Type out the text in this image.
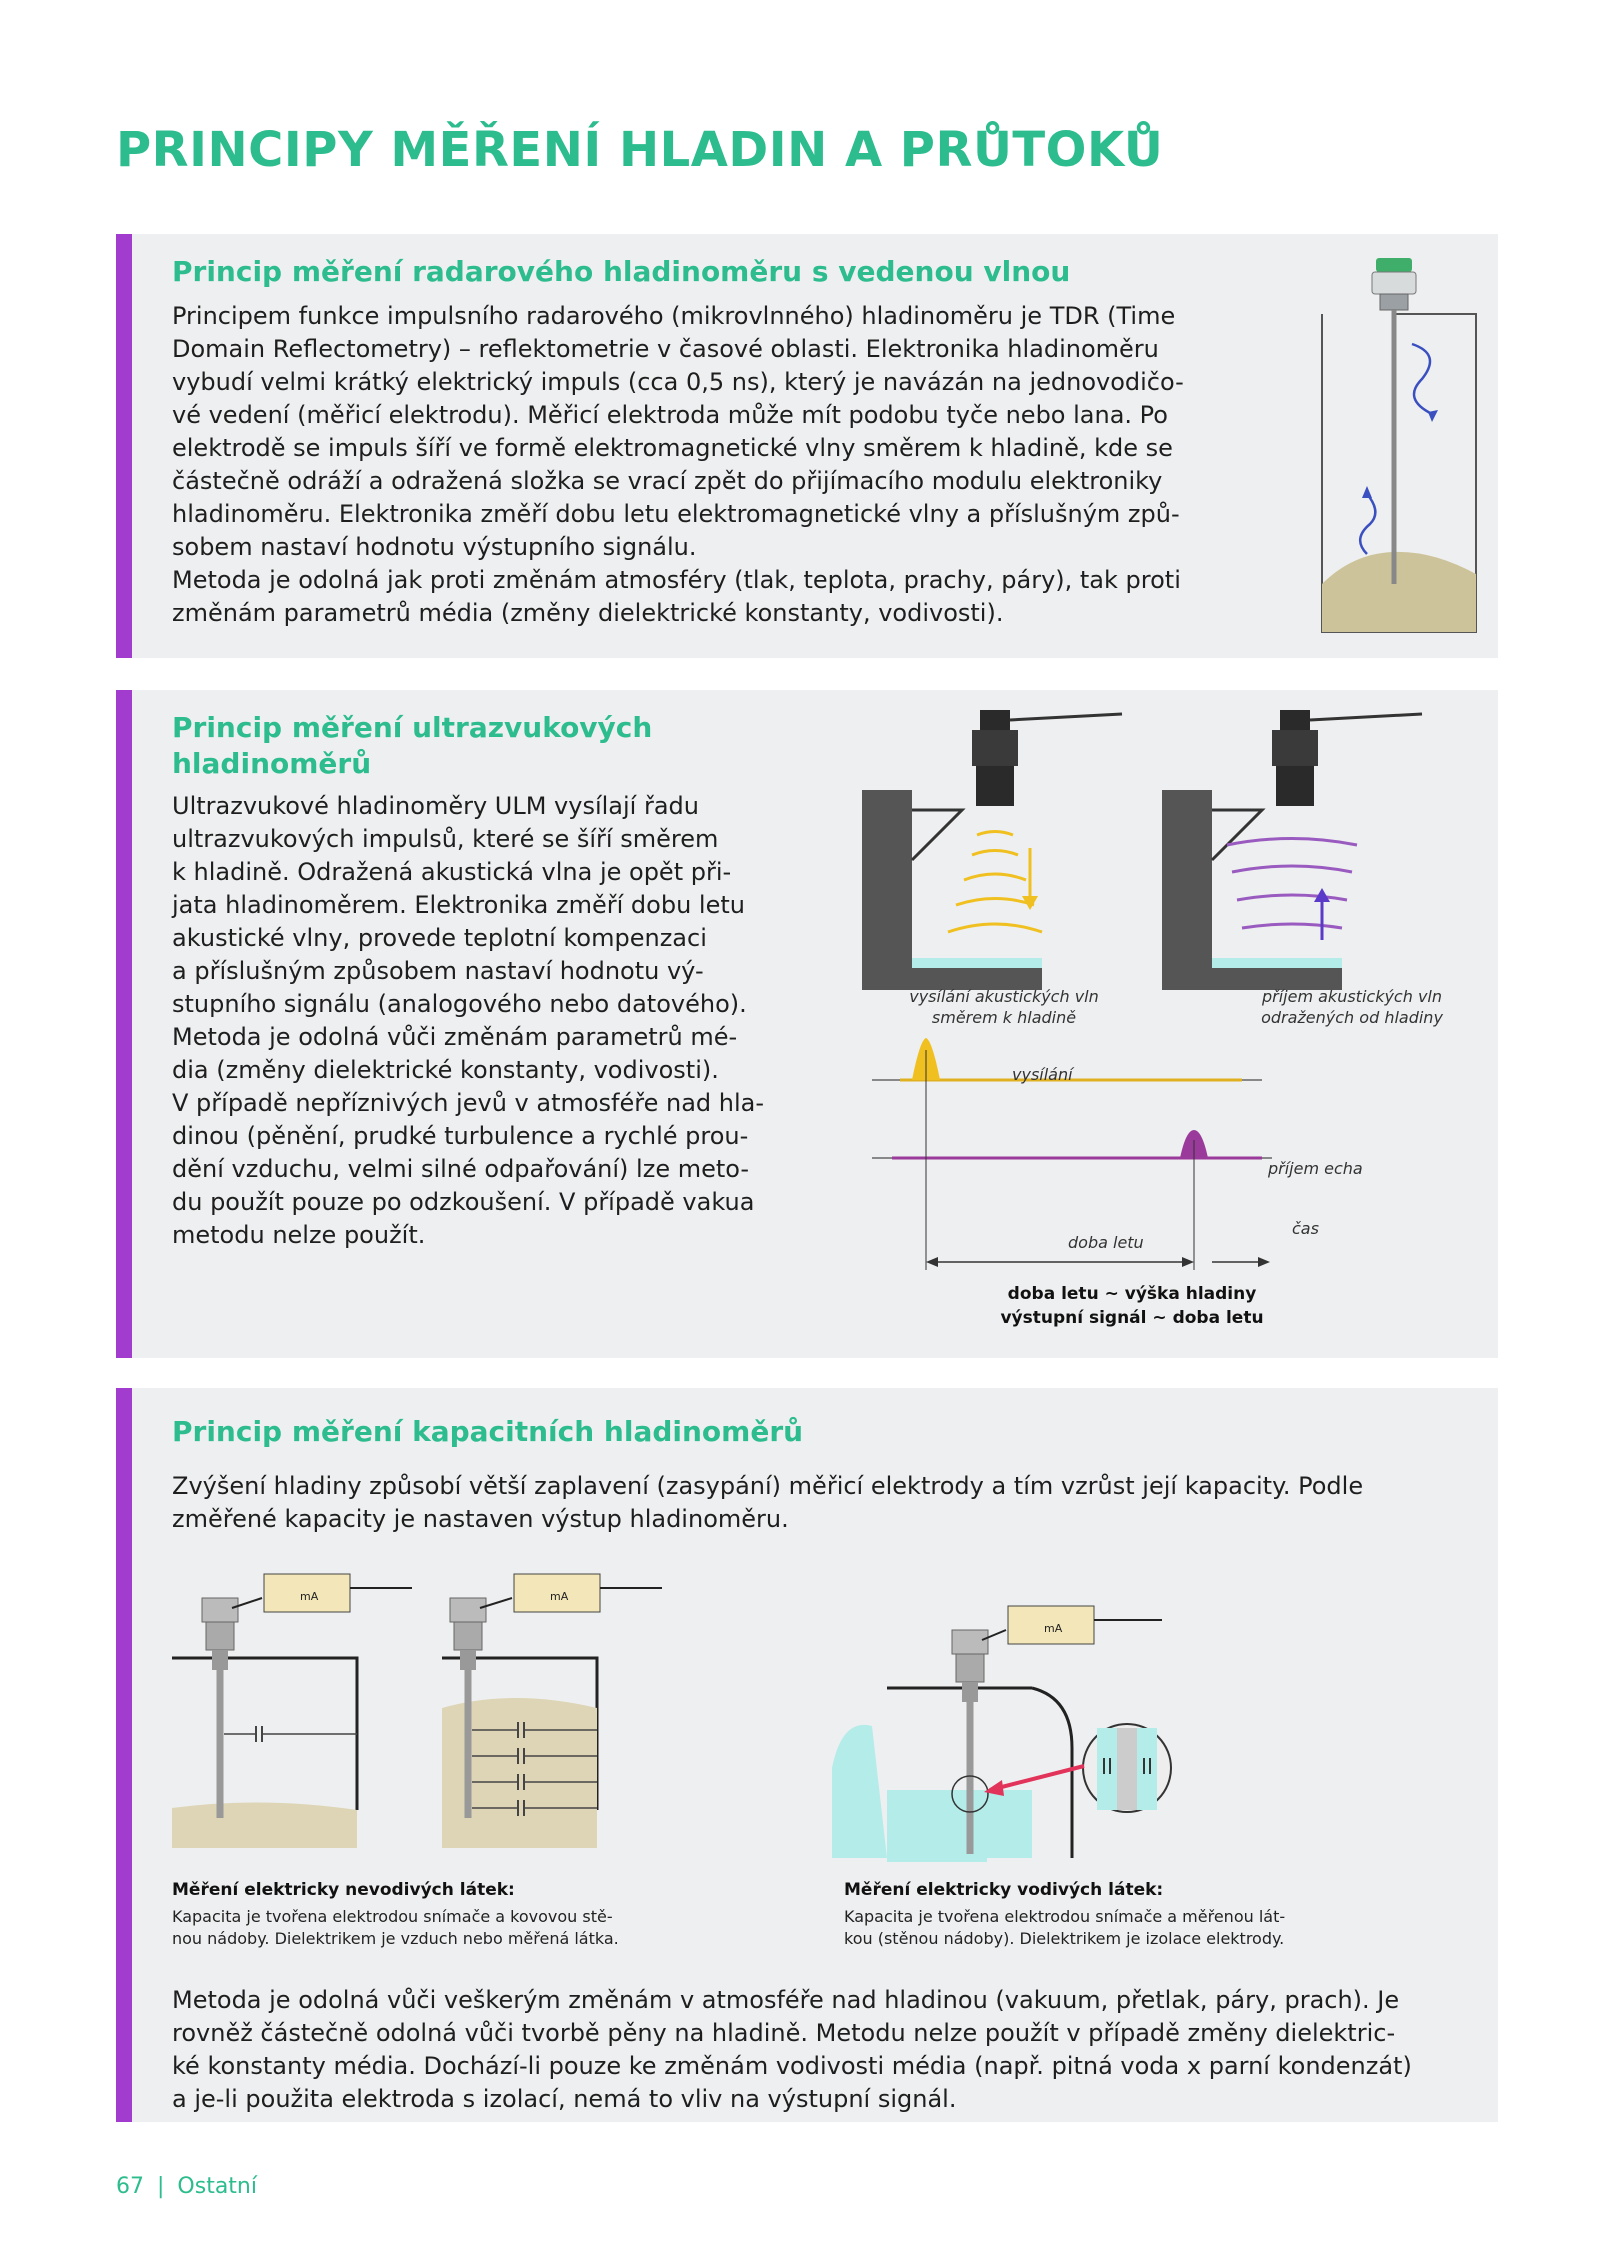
PRINCIPY MĚŘENÍ HLADIN A PRŮTOKŮ
Princip měření radarového hladinoměru s vedenou vlnou
Principem funkce impulsního radarového (mikrovlnného) hladinoměru je TDR (Time
Domain Reflectometry) – reflektometrie v časové oblasti. Elektronika hladinoměru
vybudí velmi krátký elektrický impuls (cca 0,5 ns), který je navázán na jednovodičo-
vé vedení (měřicí elektrodu). Měřicí elektroda může mít podobu tyče nebo lana. Po
elektrodě se impuls šíří ve formě elektromagnetické vlny směrem k hladině, kde se
částečně odráží a odražená složka se vrací zpět do přijímacího modulu elektroniky
hladinoměru. Elektronika změří dobu letu elektromagnetické vlny a příslušným způ-
sobem nastaví hodnotu výstupního signálu.
Metoda je odolná jak proti změnám atmosféry (tlak, teplota, prachy, páry), tak proti
změnám parametrů média (změny dielektrické konstanty, vodivosti).
Princip měření ultrazvukových
hladinoměrů
Ultrazvukové hladinoměry ULM vysílají řadu
ultrazvukových impulsů, které se šíří směrem
k hladině. Odražená akustická vlna je opět při-
jata hladinoměrem. Elektronika změří dobu letu
akustické vlny, provede teplotní kompenzaci
a příslušným způsobem nastaví hodnotu vý-
stupního signálu (analogového nebo datového).
Metoda je odolná vůči změnám parametrů mé-
dia (změny dielektrické konstanty, vodivosti).
V případě nepříznivých jevů v atmosféře nad hla-
dinou (pěnění, prudké turbulence a rychlé prou-
dění vzduchu, velmi silné odpařování) lze meto-
du použít pouze po odzkoušení. V případě vakua
metodu nelze použít.
vysílání akustických vln
směrem k hladině
příjem akustických vln
odražených od hladiny
vysílání
příjem echa
čas
doba letu
doba letu ~ výška hladiny
výstupní signál ~ doba letu
Princip měření kapacitních hladinoměrů
Zvýšení hladiny způsobí větší zaplavení (zasypání) měřicí elektrody a tím vzrůst její kapacity. Podle
změřené kapacity je nastaven výstup hladinoměru.
mA	mA
mA
Měření elektricky nevodivých látek:
Kapacita je tvořena elektrodou snímače a kovovou stě-
nou nádoby. Dielektrikem je vzduch nebo měřená látka.
Měření elektricky vodivých látek:
Kapacita je tvořena elektrodou snímače a měřenou lát-
kou (stěnou nádoby). Dielektrikem je izolace elektrody.
Metoda je odolná vůči veškerým změnám v atmosféře nad hladinou (vakuum, přetlak, páry, prach). Je
rovněž částečně odolná vůči tvorbě pěny na hladině. Metodu nelze použít v případě změny dielektric-
ké konstanty média. Dochází-li pouze ke změnám vodivosti média (např. pitná voda x parní kondenzát)
a je-li použita elektroda s izolací, nemá to vliv na výstupní signál.
67 | Ostatní
